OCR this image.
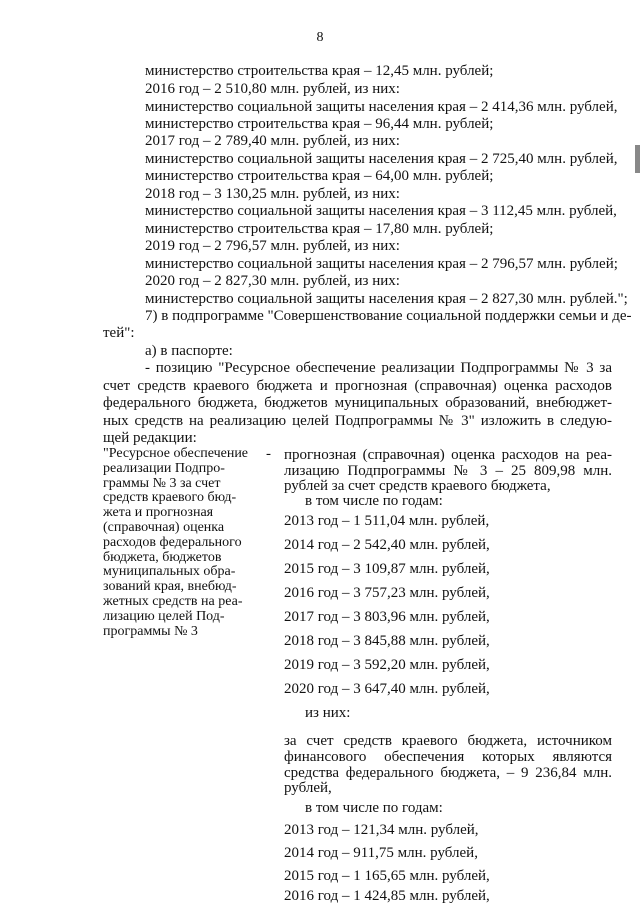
8
министерство строительства края – 12,45 млн. рублей;
2016 год – 2 510,80 млн. рублей, из них:
министерство социальной защиты населения края – 2 414,36 млн. рублей,
министерство строительства края – 96,44 млн. рублей;
2017 год – 2 789,40 млн. рублей, из них:
министерство социальной защиты населения края – 2 725,40 млн. рублей,
министерство строительства края – 64,00 млн. рублей;
2018 год – 3 130,25 млн. рублей, из них:
министерство социальной защиты населения края – 3 112,45 млн. рублей,
министерство строительства края – 17,80 млн. рублей;
2019 год – 2 796,57 млн. рублей, из них:
министерство социальной защиты населения края – 2 796,57 млн. рублей;
2020 год – 2 827,30 млн. рублей, из них:
министерство социальной защиты населения края – 2 827,30 млн. рублей.";
7) в подпрограмме "Совершенствование социальной поддержки семьи и де-
тей":
а) в паспорте:
- позицию "Ресурсное обеспечение реализации Подпрограммы № 3 за
счет средств краевого бюджета и прогнозная (справочная) оценка расходов
федерального бюджета, бюджетов муниципальных образований, внебюджет-
ных средств на реализацию целей Подпрограммы № 3" изложить в следую-
щей редакции:
"Ресурсное обеспечение
реализации Подпро-
граммы № 3 за счет
средств краевого бюд-
жета и прогнозная
(справочная) оценка
расходов федерального
бюджета, бюджетов
муниципальных обра-
зований края, внебюд-
жетных средств на реа-
лизацию целей Под-
программы № 3
- прогнозная (справочная) оценка расходов на реа-
лизацию Подпрограммы № 3 – 25 809,98 млн.
рублей за счет средств краевого бюджета,
в том числе по годам:
2013 год – 1 511,04 млн. рублей,
2014 год – 2 542,40 млн. рублей,
2015 год – 3 109,87 млн. рублей,
2016 год – 3 757,23 млн. рублей,
2017 год – 3 803,96 млн. рублей,
2018 год – 3 845,88 млн. рублей,
2019 год – 3 592,20 млн. рублей,
2020 год – 3 647,40 млн. рублей,
из них:
за счет средств краевого бюджета, источником
финансового обеспечения которых являются
средства федерального бюджета, – 9 236,84 млн.
рублей,
в том числе по годам:
2013 год – 121,34 млн. рублей,
2014 год – 911,75 млн. рублей,
2015 год – 1 165,65 млн. рублей,
2016 год – 1 424,85 млн. рублей,
